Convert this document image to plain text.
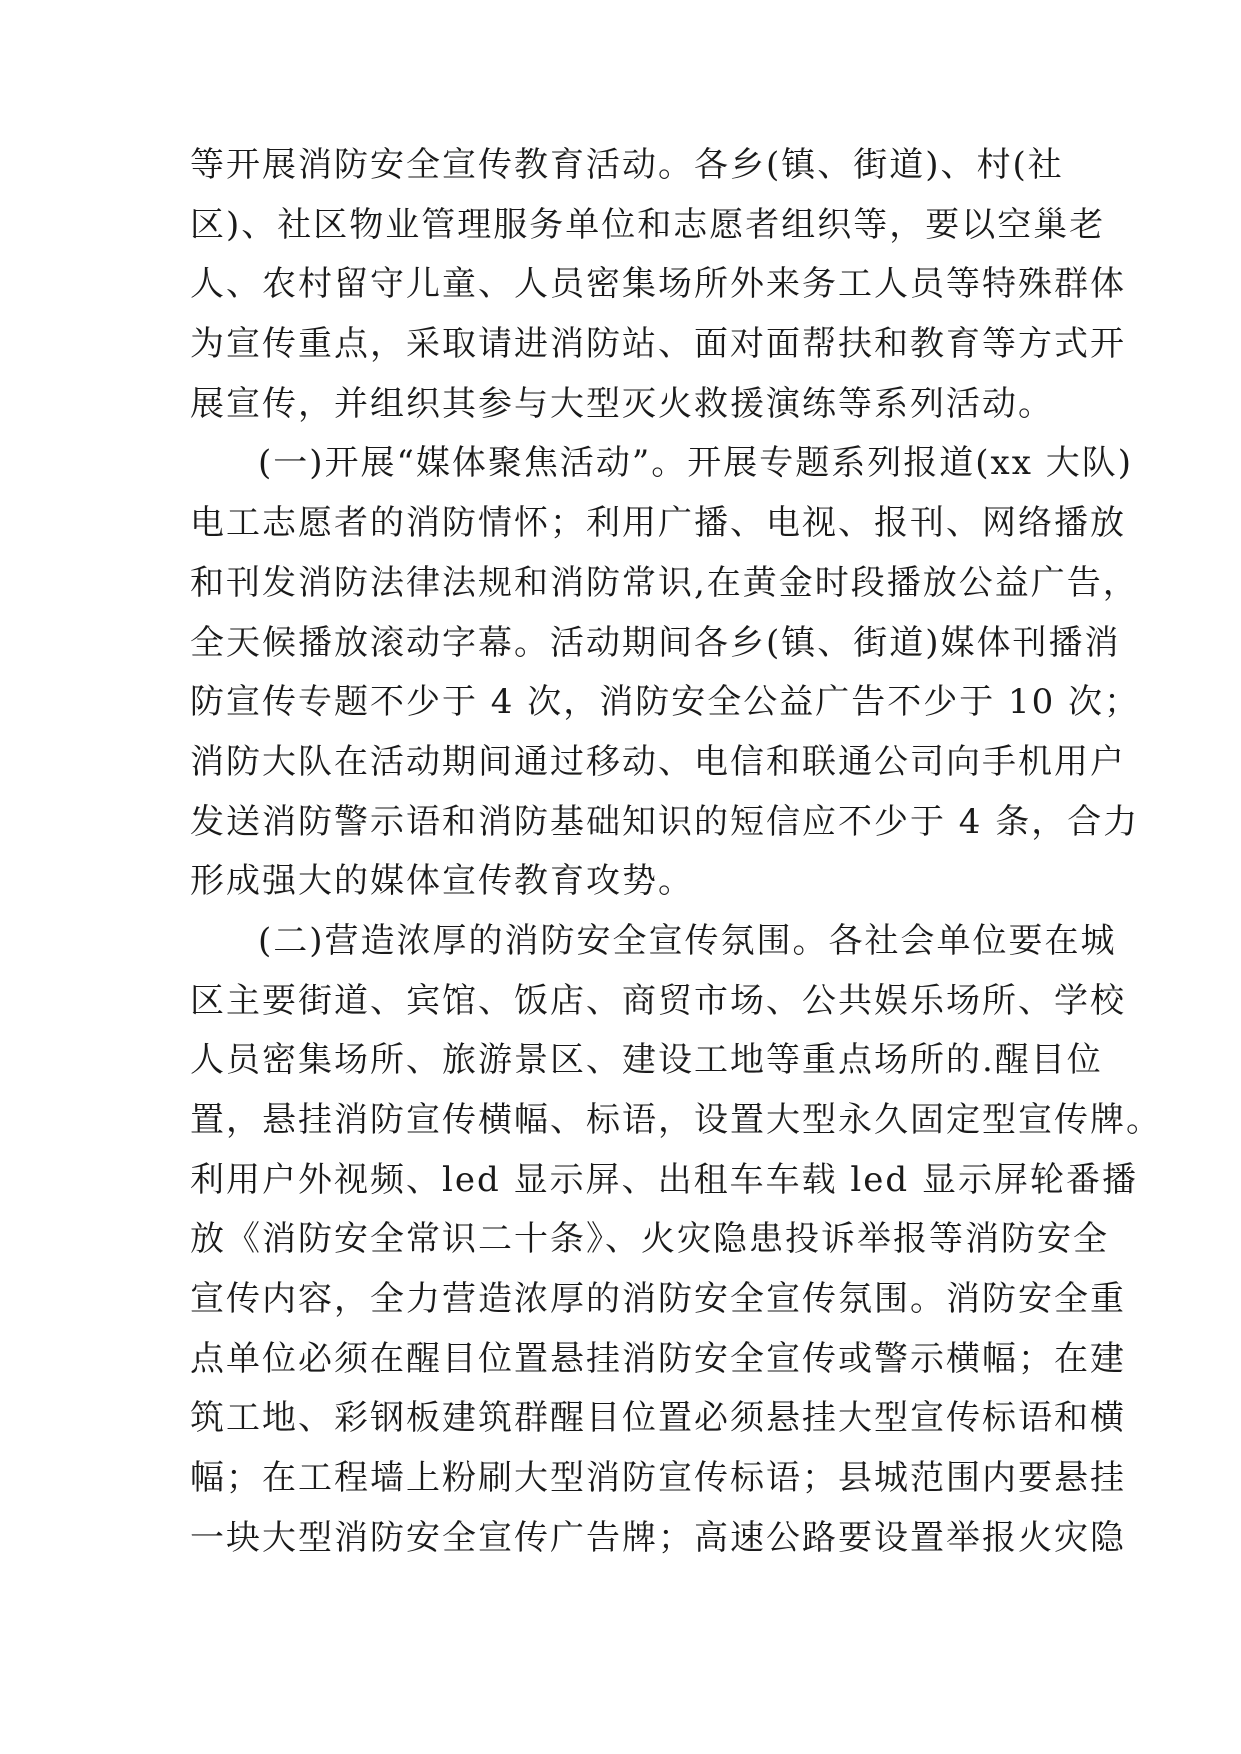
等开展消防安全宣传教育活动。各乡(镇、街道)、村(社
区)、社区物业管理服务单位和志愿者组织等，要以空巢老
人、农村留守儿童、人员密集场所外来务工人员等特殊群体
为宣传重点，采取请进消防站、面对面帮扶和教育等方式开
展宣传，并组织其参与大型灭火救援演练等系列活动。
(一)开展“媒体聚焦活动”。开展专题系列报道(xx 大队)
电工志愿者的消防情怀；利用广播、电视、报刊、网络播放
和刊发消防法律法规和消防常识,在黄金时段播放公益广告，
全天候播放滚动字幕。活动期间各乡(镇、街道)媒体刊播消
防宣传专题不少于 4 次，消防安全公益广告不少于 10 次；
消防大队在活动期间通过移动、电信和联通公司向手机用户
发送消防警示语和消防基础知识的短信应不少于 4 条，合力
形成强大的媒体宣传教育攻势。
(二)营造浓厚的消防安全宣传氛围。各社会单位要在城
区主要街道、宾馆、饭店、商贸市场、公共娱乐场所、学校
人员密集场所、旅游景区、建设工地等重点场所的.醒目位
置，悬挂消防宣传横幅、标语，设置大型永久固定型宣传牌。
利用户外视频、led 显示屏、出租车车载 led 显示屏轮番播
放《消防安全常识二十条》、火灾隐患投诉举报等消防安全
宣传内容，全力营造浓厚的消防安全宣传氛围。消防安全重
点单位必须在醒目位置悬挂消防安全宣传或警示横幅；在建
筑工地、彩钢板建筑群醒目位置必须悬挂大型宣传标语和横
幅；在工程墙上粉刷大型消防宣传标语；县城范围内要悬挂
一块大型消防安全宣传广告牌；高速公路要设置举报火灾隐
